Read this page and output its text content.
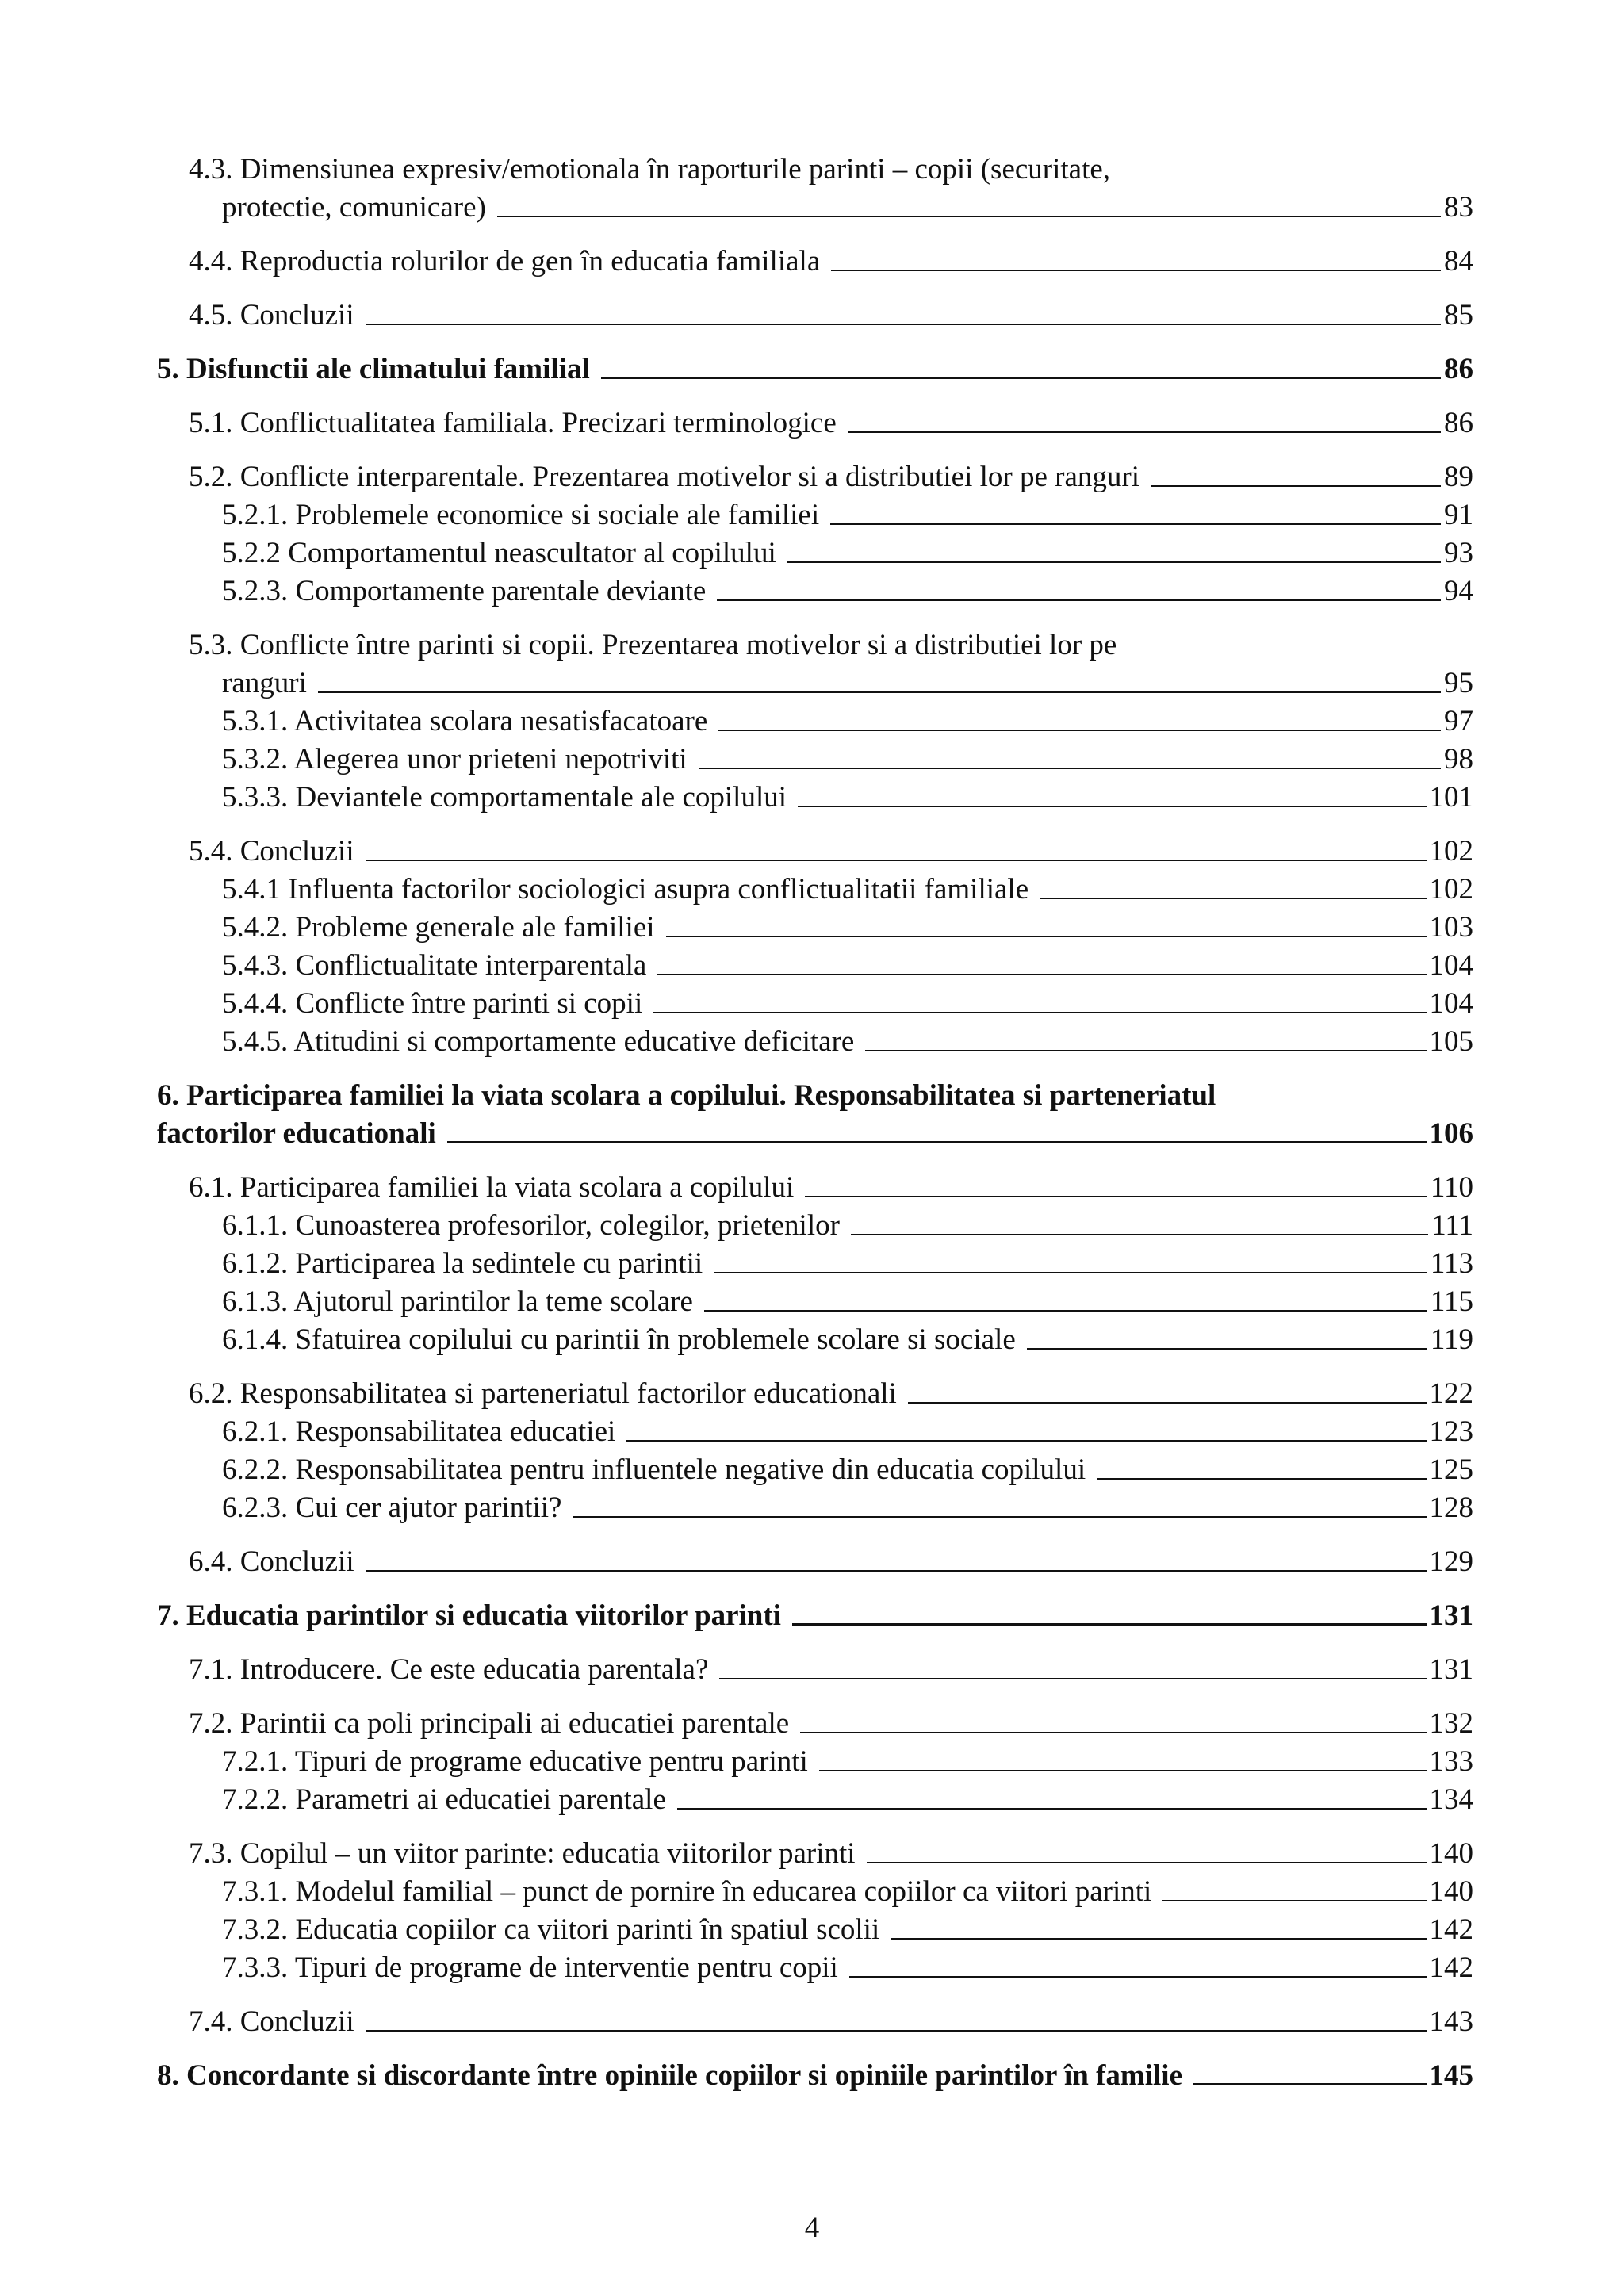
4.3. Dimensiunea expresiv/emotionala în raporturile parinti – copii (securitate,
protectie, comunicare)	83
4.4. Reproductia rolurilor de gen în educatia familiala	84
4.5. Concluzii	85
5. Disfunctii ale climatului familial	86
5.1. Conflictualitatea familiala. Precizari terminologice	86
5.2. Conflicte interparentale. Prezentarea motivelor si a distributiei lor pe ranguri	89
5.2.1. Problemele economice si sociale ale familiei	91
5.2.2 Comportamentul neascultator al copilului	93
5.2.3. Comportamente parentale deviante	94
5.3. Conflicte între parinti si copii. Prezentarea motivelor si a distributiei lor pe
ranguri	95
5.3.1. Activitatea scolara nesatisfacatoare	97
5.3.2. Alegerea unor prieteni nepotriviti	98
5.3.3. Deviantele comportamentale ale copilului	101
5.4. Concluzii	102
5.4.1 Influenta factorilor sociologici asupra conflictualitatii familiale	102
5.4.2. Probleme generale ale familiei	103
5.4.3. Conflictualitate interparentala	104
5.4.4. Conflicte între parinti si copii	104
5.4.5. Atitudini si comportamente educative deficitare	105
6. Participarea familiei la viata scolara a copilului. Responsabilitatea si parteneriatul
factorilor educationali	106
6.1. Participarea familiei la viata scolara a copilului	110
6.1.1. Cunoasterea profesorilor, colegilor, prietenilor	111
6.1.2. Participarea la sedintele cu parintii	113
6.1.3. Ajutorul parintilor la teme scolare	115
6.1.4. Sfatuirea copilului cu parintii în problemele scolare si sociale	119
6.2. Responsabilitatea si parteneriatul factorilor educationali	122
6.2.1. Responsabilitatea educatiei	123
6.2.2. Responsabilitatea pentru influentele negative din educatia copilului	125
6.2.3. Cui cer ajutor parintii?	128
6.4. Concluzii	129
7. Educatia parintilor si educatia viitorilor parinti	131
7.1. Introducere. Ce este educatia parentala?	131
7.2. Parintii ca poli principali ai educatiei parentale	132
7.2.1. Tipuri de programe educative pentru parinti	133
7.2.2. Parametri ai educatiei parentale	134
7.3. Copilul – un viitor parinte: educatia viitorilor parinti	140
7.3.1. Modelul familial – punct de pornire în educarea copiilor ca viitori parinti	140
7.3.2. Educatia copiilor ca viitori parinti în spatiul scolii	142
7.3.3. Tipuri de programe de interventie pentru copii	142
7.4. Concluzii	143
8. Concordante si discordante între opiniile copiilor si opiniile parintilor în familie	145
4
